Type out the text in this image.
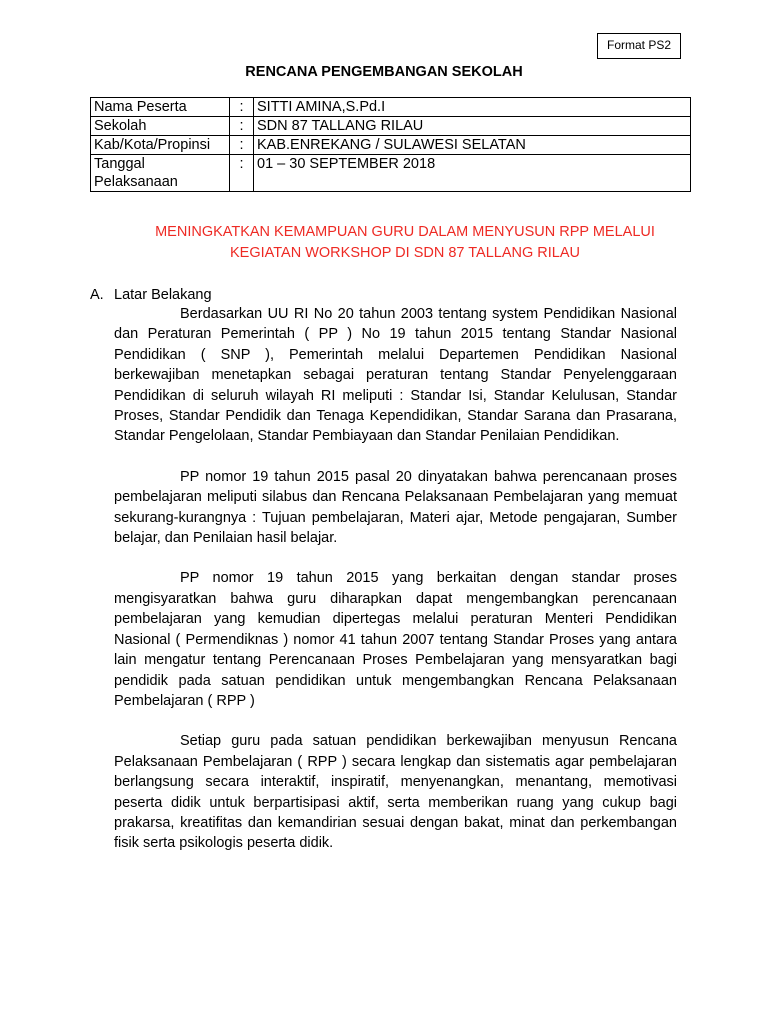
Format PS2
RENCANA PENGEMBANGAN SEKOLAH
Nama Peserta	:	SITTI AMINA,S.Pd.I
Sekolah	:	SDN 87 TALLANG RILAU
Kab/Kota/Propinsi	:	KAB.ENREKANG / SULAWESI SELATAN
Tanggal
Pelaksanaan	:	01 – 30 SEPTEMBER 2018
MENINGKATKAN KEMAMPUAN GURU DALAM MENYUSUN RPP MELALUI
KEGIATAN WORKSHOP DI SDN 87 TALLANG RILAU
A. Latar Belakang

Berdasarkan UU RI No 20 tahun 2003 tentang system Pendidikan Nasional dan Peraturan Pemerintah ( PP ) No 19 tahun 2015 tentang Standar Nasional Pendidikan ( SNP ), Pemerintah melalui Departemen Pendidikan Nasional berkewajiban menetapkan sebagai peraturan tentang Standar Penyelenggaraan Pendidikan di seluruh wilayah RI meliputi : Standar Isi, Standar Kelulusan, Standar Proses, Standar Pendidik dan Tenaga Kependidikan, Standar Sarana dan Prasarana, Standar Pengelolaan, Standar Pembiayaan dan Standar Penilaian Pendidikan.

PP nomor 19 tahun 2015 pasal 20 dinyatakan bahwa perencanaan proses pembelajaran meliputi silabus dan Rencana Pelaksanaan Pembelajaran yang memuat sekurang-kurangnya : Tujuan pembelajaran, Materi ajar, Metode pengajaran, Sumber belajar, dan Penilaian hasil belajar.

PP nomor 19 tahun 2015 yang berkaitan dengan standar proses mengisyaratkan bahwa guru diharapkan dapat mengembangkan perencanaan pembelajaran yang kemudian dipertegas melalui peraturan Menteri Pendidikan Nasional ( Permendiknas ) nomor 41 tahun 2007 tentang Standar Proses yang antara lain mengatur tentang Perencanaan Proses Pembelajaran yang mensyaratkan bagi pendidik pada satuan pendidikan untuk mengembangkan Rencana Pelaksanaan Pembelajaran ( RPP )

Setiap guru pada satuan pendidikan berkewajiban menyusun Rencana Pelaksanaan Pembelajaran ( RPP ) secara lengkap dan sistematis agar pembelajaran berlangsung secara interaktif, inspiratif, menyenangkan, menantang, memotivasi peserta didik untuk berpartisipasi aktif, serta memberikan ruang yang cukup bagi prakarsa, kreatifitas dan kemandirian sesuai dengan bakat, minat dan perkembangan fisik serta psikologis peserta didik.
